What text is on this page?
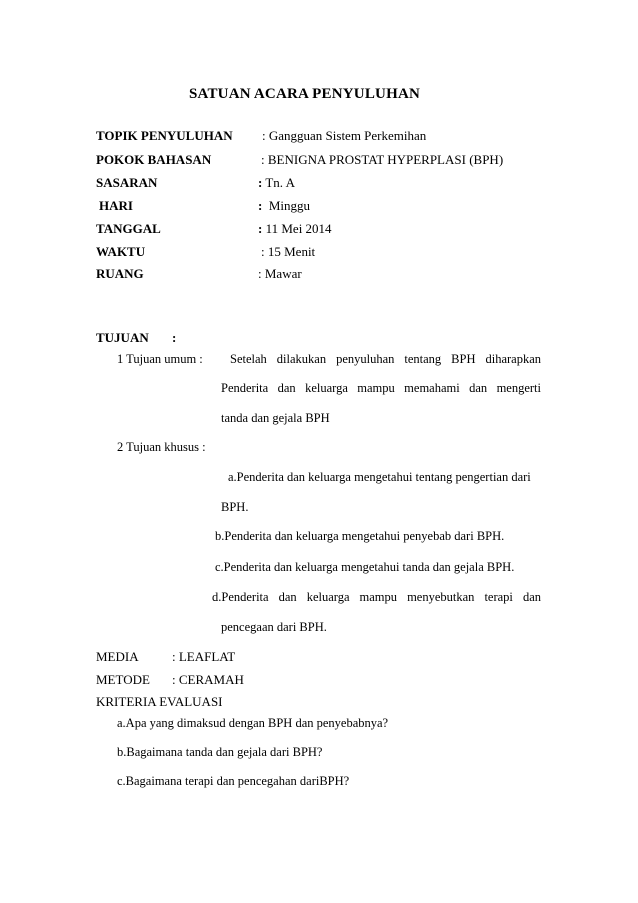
SATUAN ACARA PENYULUHAN
TOPIK PENYULUHAN : Gangguan Sistem Perkemihan
POKOK BAHASAN	: BENIGNA PROSTAT HYPERPLASI (BPH)
SASARAN	: Tn. A
HARI	: Minggu
TANGGAL	: 11 Mei 2014
WAKTU	: 15 Menit
RUANG	: Mawar
TUJUAN :
1 Tujuan umum : Setelah dilakukan penyuluhan tentang BPH diharapkan
Penderita dan keluarga mampu memahami dan mengerti
tanda dan gejala BPH
2 Tujuan khusus :
a.Penderita dan keluarga mengetahui tentang pengertian dari
BPH.
b.Penderita dan keluarga mengetahui penyebab dari BPH.
c.Penderita dan keluarga mengetahui tanda dan gejala BPH.
d.Penderita dan keluarga mampu menyebutkan terapi dan
pencegaan dari BPH.
MEDIA	: LEAFLAT
METODE : CERAMAH
KRITERIA EVALUASI
a.Apa yang dimaksud dengan BPH dan penyebabnya?
b.Bagaimana tanda dan gejala dari BPH?
c.Bagaimana terapi dan pencegahan dariBPH?
